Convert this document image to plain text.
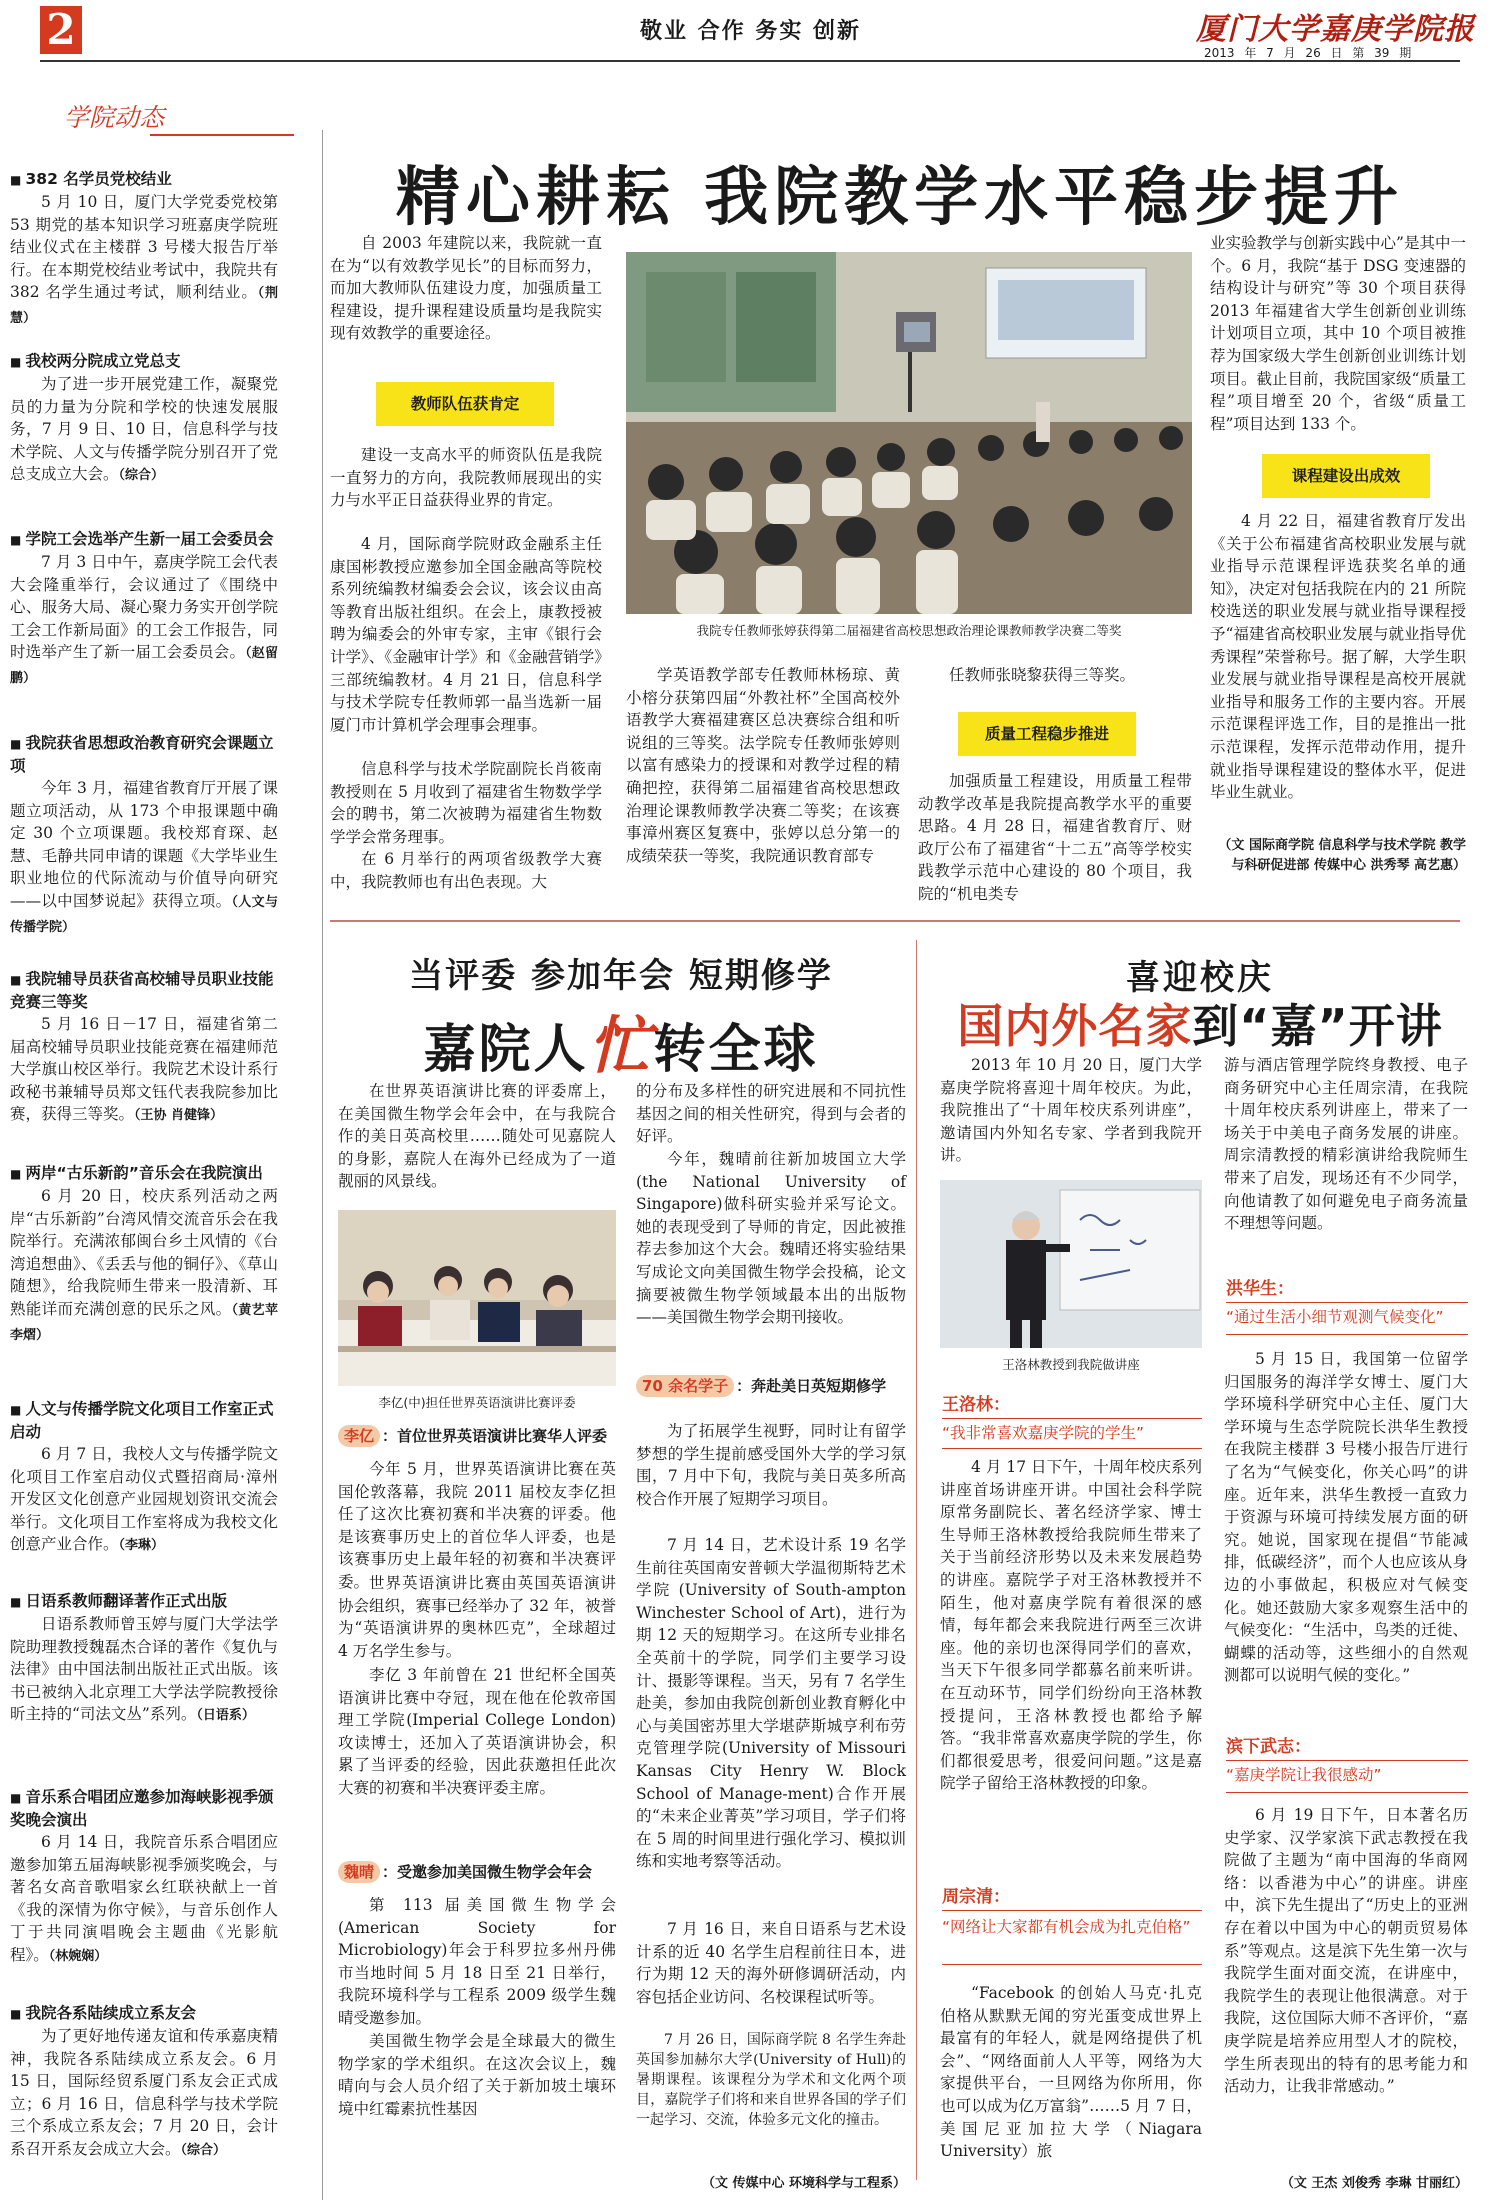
2	敬业 合作 务实 创新	厦门大学嘉庚学院报
2013 年 7 月 26 日 第 39 期
学院动态
■ 382 名学员党校结业

5 月 10 日，厦门大学党委党校第 53 期党的基本知识学习班嘉庚学院班结业仪式在主楼群 3 号楼大报告厅举行。在本期党校结业考试中，我院共有 382 名学生通过考试，顺利结业。（荆慧）

■ 我校两分院成立党总支

为了进一步开展党建工作，凝聚党员的力量为分院和学校的快速发展服务，7 月 9 日、10 日，信息科学与技术学院、人文与传播学院分别召开了党总支成立大会。（综合）

■ 学院工会选举产生新一届工会委员会

7 月 3 日中午，嘉庚学院工会代表大会隆重举行，会议通过了《围绕中心、服务大局、凝心聚力务实开创学院工会工作新局面》的工会工作报告，同时选举产生了新一届工会委员会。（赵留鹏）

■ 我院获省思想政治教育研究会课题立项

今年 3 月，福建省教育厅开展了课题立项活动，从 173 个申报课题中确定 30 个立项课题。我校郑育琛、赵慧、毛静共同申请的课题《大学毕业生职业地位的代际流动与价值导向研究——以中国梦说起》获得立项。（人文与传播学院）

■ 我院辅导员获省高校辅导员职业技能竞赛三等奖

5 月 16 日－17 日，福建省第二届高校辅导员职业技能竞赛在福建师范大学旗山校区举行。我院艺术设计系行政秘书兼辅导员郑文钰代表我院参加比赛，获得三等奖。（王协 肖健锋）

■ 两岸“古乐新韵”音乐会在我院演出

6 月 20 日，校庆系列活动之两岸“古乐新韵”台湾风情交流音乐会在我院举行。充满浓郁闽台乡土风情的《台湾追想曲》、《丢丢与他的铜仔》、《草山随想》，给我院师生带来一股清新、耳熟能详而充满创意的民乐之风。（黄艺苹 李熠）

■ 人文与传播学院文化项目工作室正式启动

6 月 7 日，我校人文与传播学院文化项目工作室启动仪式暨招商局·漳州开发区文化创意产业园规划资讯交流会举行。文化项目工作室将成为我校文化创意产业合作。（李琳）

■ 日语系教师翻译著作正式出版

日语系教师曾玉婷与厦门大学法学院助理教授魏磊杰合译的著作《复仇与法律》由中国法制出版社正式出版。该书已被纳入北京理工大学法学院教授徐昕主持的“司法文丛”系列。（日语系）

■ 音乐系合唱团应邀参加海峡影视季颁奖晚会演出

6 月 14 日，我院音乐系合唱团应邀参加第五届海峡影视季颁奖晚会，与著名女高音歌唱家幺红联袂献上一首《我的深情为你守候》，与音乐创作人丁于共同演唱晚会主题曲《光影航程》。（林婉娴）

■ 我院各系陆续成立系友会

为了更好地传递友谊和传承嘉庚精神，我院各系陆续成立系友会。6 月 15 日，国际经贸系厦门系友会正式成立；6 月 16 日，信息科学与技术学院三个系成立系友会；7 月 20 日，会计系召开系友会成立大会。（综合）

精心耕耘 我院教学水平稳步提升
自 2003 年建院以来，我院就一直在为“以有效教学见长”的目标而努力，而加大教师队伍建设力度，加强质量工程建设，提升课程建设质量均是我院实现有效教学的重要途径。
教师队伍获肯定
建设一支高水平的师资队伍是我院一直努力的方向，我院教师展现出的实力与水平正日益获得业界的肯定。
4 月，国际商学院财政金融系主任康国彬教授应邀参加全国金融高等院校系列统编教材编委会会议，该会议由高等教育出版社组织。在会上，康教授被聘为编委会的外审专家，主审《银行会计学》、《金融审计学》和《金融营销学》三部统编教材。4 月 21 日，信息科学与技术学院专任教师郭一晶当选新一届厦门市计算机学会理事会理事。
信息科学与技术学院副院长肖筱南教授则在 5 月收到了福建省生物数学学会的聘书，第二次被聘为福建省生物数学学会常务理事。
在 6 月举行的两项省级教学大赛中，我院教师也有出色表现。大
我院专任教师张婷获得第二届福建省高校思想政治理论课教师教学决赛二等奖
学英语教学部专任教师林杨琼、黄小榕分获第四届“外教社杯”全国高校外语教学大赛福建赛区总决赛综合组和听说组的三等奖。法学院专任教师张婷则以富有感染力的授课和对教学过程的精确把控，获得第二届福建省高校思想政治理论课教师教学决赛二等奖；在该赛事漳州赛区复赛中，张婷以总分第一的成绩荣获一等奖，我院通识教育部专
任教师张晓黎获得三等奖。
质量工程稳步推进
加强质量工程建设，用质量工程带动教学改革是我院提高教学水平的重要思路。4 月 28 日，福建省教育厅、财政厅公布了福建省“十二五”高等学校实践教学示范中心建设的 80 个项目，我院的“机电类专
业实验教学与创新实践中心”是其中一个。6 月，我院“基于 DSG 变速器的结构设计与研究”等 30 个项目获得 2013 年福建省大学生创新创业训练计划项目立项，其中 10 个项目被推荐为国家级大学生创新创业训练计划项目。截止目前，我院国家级“质量工程”项目增至 20 个，省级“质量工程”项目达到 133 个。
课程建设出成效
4 月 22 日，福建省教育厅发出《关于公布福建省高校职业发展与就业指导示范课程评选获奖名单的通知》，决定对包括我院在内的 21 所院校选送的职业发展与就业指导课程授予“福建省高校职业发展与就业指导优秀课程”荣誉称号。据了解，大学生职业发展与就业指导课程是高校开展就业指导和服务工作的主要内容。开展示范课程评选工作，目的是推出一批示范课程，发挥示范带动作用，提升就业指导课程建设的整体水平，促进毕业生就业。
（文 国际商学院 信息科学与技术学院 教学与科研促进部 传媒中心 洪秀琴 高艺惠）
当评委 参加年会 短期修学
嘉院人忙转全球
在世界英语演讲比赛的评委席上，在美国微生物学会年会中，在与我院合作的美日英高校里……随处可见嘉院人的身影，嘉院人在海外已经成为了一道靓丽的风景线。
李亿(中)担任世界英语演讲比赛评委
李亿 ：首位世界英语演讲比赛华人评委
今年 5 月，世界英语演讲比赛在英国伦敦落幕，我院 2011 届校友李亿担任了这次比赛初赛和半决赛的评委。他是该赛事历史上的首位华人评委，也是该赛事历史上最年轻的初赛和半决赛评委。 世界英语演讲比赛由英国英语演讲协会组织，赛事已经举办了 32 年，被誉为“英语演讲界的奥林匹克”，全球超过 4 万名学生参与。
李亿 3 年前曾在 21 世纪杯全国英语演讲比赛中夺冠，现在他在伦敦帝国理工学院(Imperial College London)攻读博士，还加入了英语演讲协会，积累了当评委的经验，因此获邀担任此次大赛的初赛和半决赛评委主席。
魏晴 ：受邀参加美国微生物学会年会
第 113 届美国微生物学会(American Society for Microbiology)年会于科罗拉多州丹佛市当地时间 5 月 18 日至 21 日举行，我院环境科学与工程系 2009 级学生魏晴受邀参加。
美国微生物学会是全球最大的微生物学家的学术组织。在这次会议上，魏晴向与会人员介绍了关于新加坡土壤环境中红霉素抗性基因
的分布及多样性的研究进展和不同抗性基因之间的相关性研究，得到与会者的好评。
今年，魏晴前往新加坡国立大学(the National University of Singapore)做科研实验并采写论文。她的表现受到了导师的肯定，因此被推荐去参加这个大会。魏晴还将实验结果写成论文向美国微生物学会投稿，论文摘要被微生物学领域最本出的出版物——美国微生物学会期刊接收。
70 余名学子 ：奔赴美日英短期修学
为了拓展学生视野，同时让有留学梦想的学生提前感受国外大学的学习氛围，7 月中下旬，我院与美日英多所高校合作开展了短期学习项目。
7 月 14 日，艺术设计系 19 名学生前往英国南安普顿大学温彻斯特艺术学院 (University of South-ampton Winchester School of Art)，进行为期 12 天的短期学习。在这所专业排名全英前十的学院，同学们主要学习设计、摄影等课程。当天，另有 7 名学生赴美，参加由我院创新创业教育孵化中心与美国密苏里大学堪萨斯城亨利布劳克管理学院(University of Missouri Kansas City Henry W. Block School of Manage-ment)合作开展的“未来企业菁英”学习项目，学子们将在 5 周的时间里进行强化学习、模拟训练和实地考察等活动。
7 月 16 日，来自日语系与艺术设计系的近 40 名学生启程前往日本，进行为期 12 天的海外研修调研活动，内容包括企业访问、名校课程试听等。
7 月 26 日，国际商学院 8 名学生奔赴英国参加赫尔大学(University of Hull)的暑期课程。该课程分为学术和文化两个项目，嘉院学子们将和来自世界各国的学子们一起学习、交流，体验多元文化的撞击。
（文 传媒中心 环境科学与工程系）
喜迎校庆
国内外名家到“嘉”开讲
2013 年 10 月 20 日，厦门大学嘉庚学院将喜迎十周年校庆。为此，我院推出了“十周年校庆系列讲座”，邀请国内外知名专家、学者到我院开讲。
王洛林教授到我院做讲座
王洛林：
“我非常喜欢嘉庚学院的学生”
4 月 17 日下午，十周年校庆系列讲座首场讲座开讲。中国社会科学院原常务副院长、著名经济学家、博士生导师王洛林教授给我院师生带来了关于当前经济形势以及未来发展趋势的讲座。嘉院学子对王洛林教授并不陌生，他对嘉庚学院有着很深的感情，每年都会来我院进行两至三次讲座。他的亲切也深得同学们的喜欢，当天下午很多同学都慕名前来听讲。在互动环节，同学们纷纷向王洛林教授提问，王洛林教授也都给予解答。“我非常喜欢嘉庚学院的学生，你们都很爱思考，很爱问问题。”这是嘉院学子留给王洛林教授的印象。
周宗清：
“网络让大家都有机会成为扎克伯格”
“Facebook 的创始人马克·扎克伯格从默默无闻的穷光蛋变成世界上最富有的年轻人，就是网络提供了机会”、“网络面前人人平等，网络为大家提供平台，一旦网络为你所用，你也可以成为亿万富翁”……5 月 7 日，美国尼亚加拉大学（Niagara University）旅
游与酒店管理学院终身教授、电子商务研究中心主任周宗清，在我院十周年校庆系列讲座上，带来了一场关于中美电子商务发展的讲座。周宗清教授的精彩演讲给我院师生带来了启发，现场还有不少同学，向他请教了如何避免电子商务流量不理想等问题。
洪华生：
“通过生活小细节观测气候变化”
5 月 15 日，我国第一位留学归国服务的海洋学女博士、厦门大学环境科学研究中心主任、厦门大学环境与生态学院院长洪华生教授在我院主楼群 3 号楼小报告厅进行了名为“气候变化，你关心吗”的讲座。近年来，洪华生教授一直致力于资源与环境可持续发展方面的研究。她说，国家现在提倡“节能减排，低碳经济”，而个人也应该从身边的小事做起，积极应对气候变化。她还鼓励大家多观察生活中的气候变化：“生活中，鸟类的迁徙、蝴蝶的活动等，这些细小的自然观测都可以说明气候的变化。”
滨下武志：
“嘉庚学院让我很感动”
6 月 19 日下午，日本著名历史学家、汉学家滨下武志教授在我院做了主题为“南中国海的华商网络：以香港为中心”的讲座。讲座中，滨下先生提出了“历史上的亚洲存在着以中国为中心的朝贡贸易体系”等观点。这是滨下先生第一次与我院学生面对面交流，在讲座中，我院学生的表现让他很满意。对于我院，这位国际大师不吝评价，“嘉庚学院是培养应用型人才的院校，学生所表现出的特有的思考能力和活动力，让我非常感动。”
（文 王杰 刘俊秀 李琳 甘丽红）
